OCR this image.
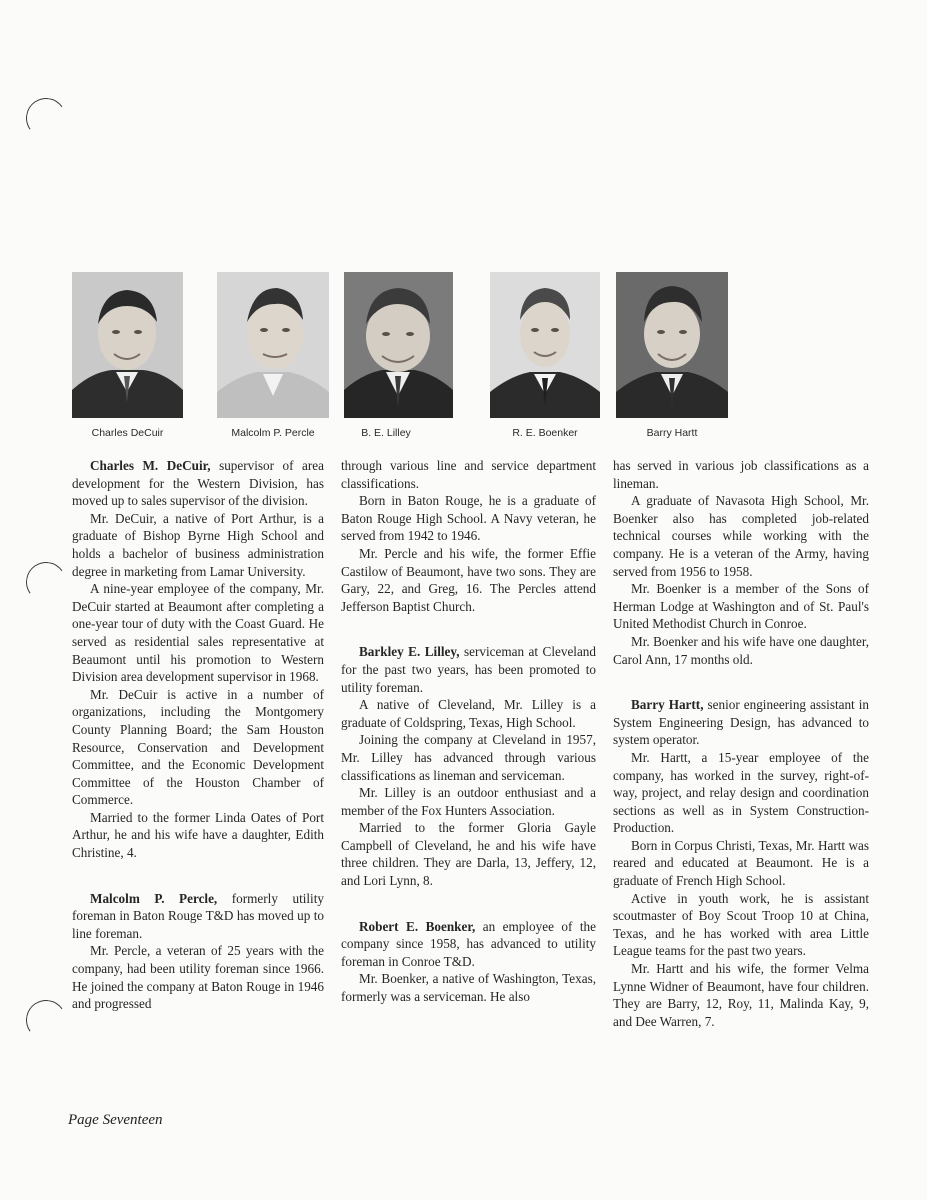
Charles DeCuir	Malcolm P. Percle	B. E. Lilley	R. E. Boenker	Barry Hartt

Charles M. DeCuir, supervisor of area development for the Western Division, has moved up to sales supervisor of the division.

Mr. DeCuir, a native of Port Arthur, is a graduate of Bishop Byrne High School and holds a bachelor of business administration degree in marketing from Lamar University.

A nine-year employee of the company, Mr. DeCuir started at Beaumont after completing a one-year tour of duty with the Coast Guard. He served as residential sales representative at Beaumont until his promotion to Western Division area development supervisor in 1968.

Mr. DeCuir is active in a number of organizations, including the Montgomery County Planning Board; the Sam Houston Resource, Conservation and Development Committee, and the Economic Development Committee of the Houston Chamber of Commerce.

Married to the former Linda Oates of Port Arthur, he and his wife have a daughter, Edith Christine, 4.

Malcolm P. Percle, formerly utility foreman in Baton Rouge T&D has moved up to line foreman.

Mr. Percle, a veteran of 25 years with the company, had been utility foreman since 1966. He joined the company at Baton Rouge in 1946 and progressed

through various line and service department classifications.

Born in Baton Rouge, he is a graduate of Baton Rouge High School. A Navy veteran, he served from 1942 to 1946.

Mr. Percle and his wife, the former Effie Castilow of Beaumont, have two sons. They are Gary, 22, and Greg, 16. The Percles attend Jefferson Baptist Church.

Barkley E. Lilley, serviceman at Cleveland for the past two years, has been promoted to utility foreman.

A native of Cleveland, Mr. Lilley is a graduate of Coldspring, Texas, High School.

Joining the company at Cleveland in 1957, Mr. Lilley has advanced through various classifications as lineman and serviceman.

Mr. Lilley is an outdoor enthusiast and a member of the Fox Hunters Association.

Married to the former Gloria Gayle Campbell of Cleveland, he and his wife have three children. They are Darla, 13, Jeffery, 12, and Lori Lynn, 8.

Robert E. Boenker, an employee of the company since 1958, has advanced to utility foreman in Conroe T&D.

Mr. Boenker, a native of Washington, Texas, formerly was a serviceman. He also

has served in various job classifications as a lineman.

A graduate of Navasota High School, Mr. Boenker also has completed job-related technical courses while working with the company. He is a veteran of the Army, having served from 1956 to 1958.

Mr. Boenker is a member of the Sons of Herman Lodge at Washington and of St. Paul's United Methodist Church in Conroe.

Mr. Boenker and his wife have one daughter, Carol Ann, 17 months old.

Barry Hartt, senior engineering assistant in System Engineering Design, has advanced to system operator.

Mr. Hartt, a 15-year employee of the company, has worked in the survey, right-of-way, project, and relay design and coordination sections as well as in System Construction-Production.

Born in Corpus Christi, Texas, Mr. Hartt was reared and educated at Beaumont. He is a graduate of French High School.

Active in youth work, he is assistant scoutmaster of Boy Scout Troop 10 at China, Texas, and he has worked with area Little League teams for the past two years.

Mr. Hartt and his wife, the former Velma Lynne Widner of Beaumont, have four children. They are Barry, 12, Roy, 11, Malinda Kay, 9, and Dee Warren, 7.

Page Seventeen
